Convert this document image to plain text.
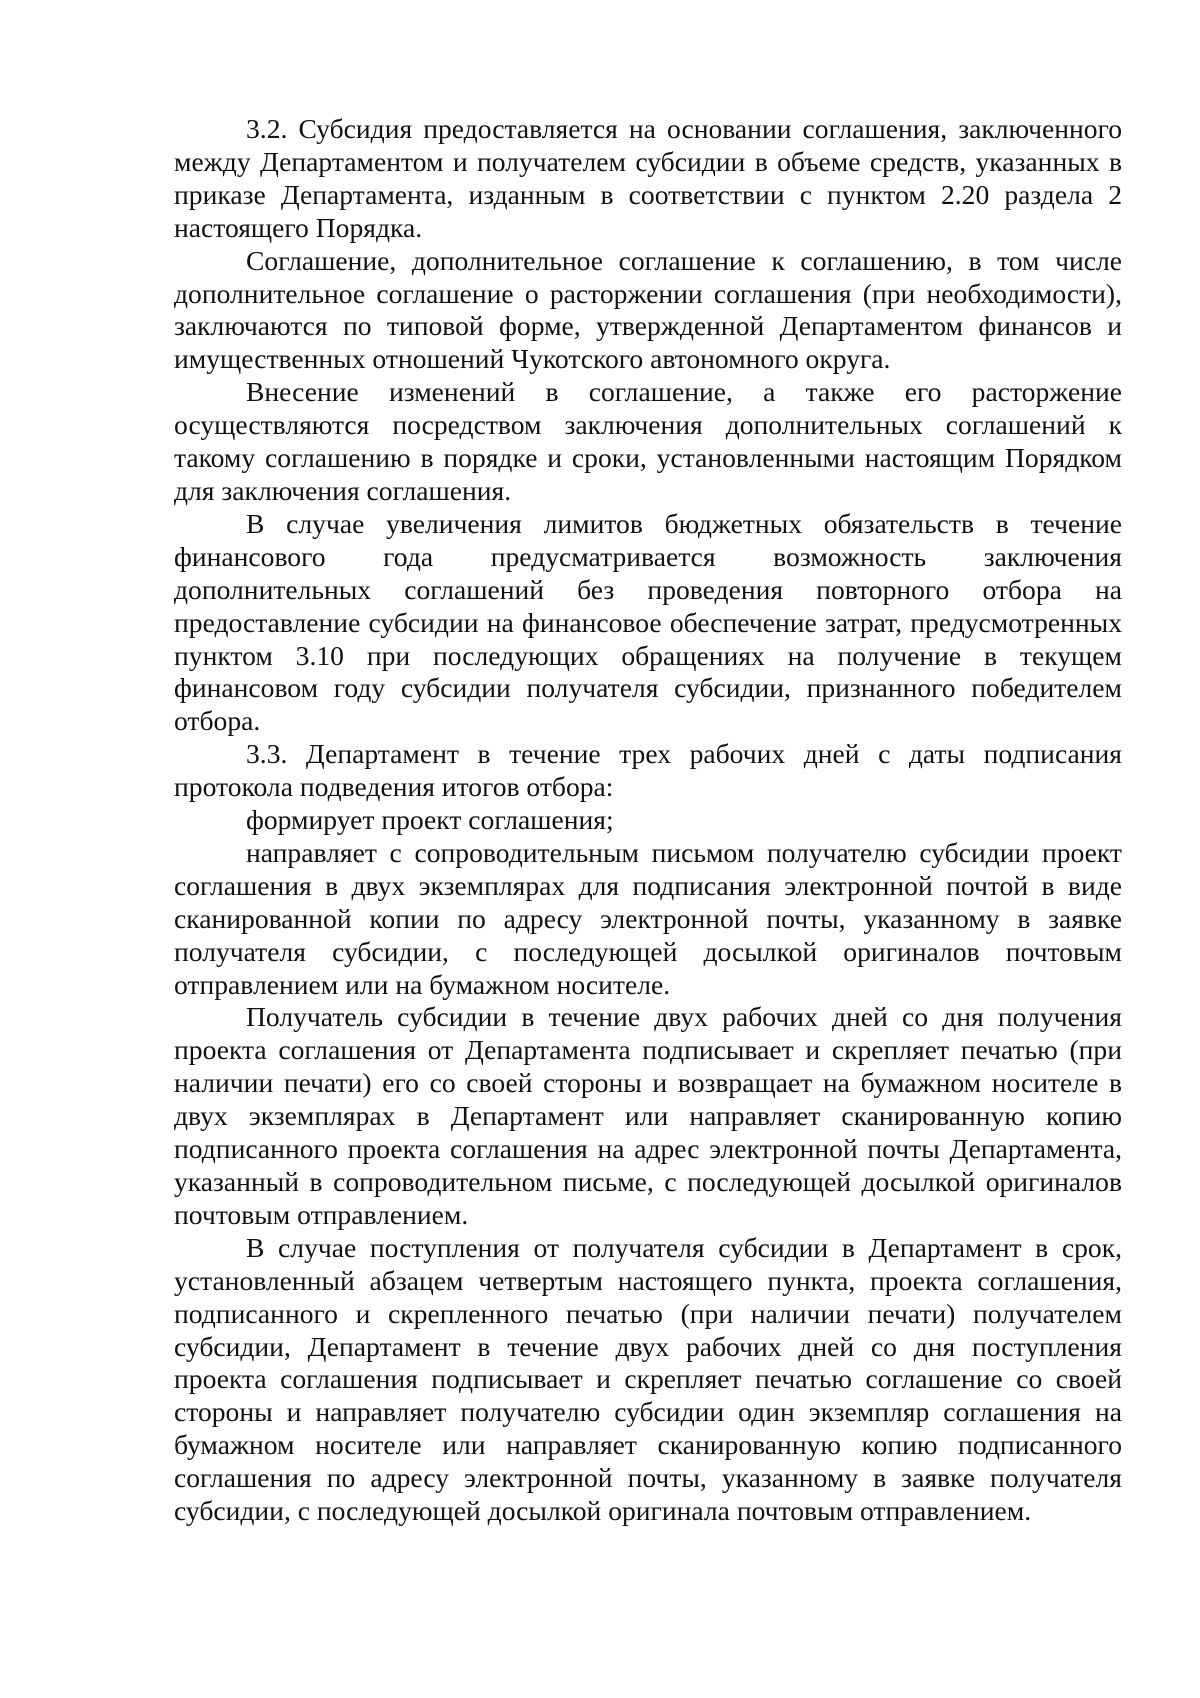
3.2. Субсидия предоставляется на основании соглашения, заключенного между Департаментом и получателем субсидии в объеме средств, указанных в приказе Департамента, изданным в соответствии с пунктом 2.20 раздела 2 настоящего Порядка.

Соглашение, дополнительное соглашение к соглашению, в том числе дополнительное соглашение о расторжении соглашения (при необходимости), заключаются по типовой форме, утвержденной Департаментом финансов и имущественных отношений Чукотского автономного округа.

Внесение изменений в соглашение, а также его расторжение осуществляются посредством заключения дополнительных соглашений к такому соглашению в порядке и сроки, установленными настоящим Порядком для заключения соглашения.

В случае увеличения лимитов бюджетных обязательств в течение финансового года предусматривается возможность заключения дополнительных соглашений без проведения повторного отбора на предоставление субсидии на финансовое обеспечение затрат, предусмотренных пунктом 3.10 при последующих обращениях на получение в текущем финансовом году субсидии получателя субсидии, признанного победителем отбора.

3.3. Департамент в течение трех рабочих дней с даты подписания протокола подведения итогов отбора:

формирует проект соглашения;

направляет с сопроводительным письмом получателю субсидии проект соглашения в двух экземплярах для подписания электронной почтой в виде сканированной копии по адресу электронной почты, указанному в заявке получателя субсидии, с последующей досылкой оригиналов почтовым отправлением или на бумажном носителе.

Получатель субсидии в течение двух рабочих дней со дня получения проекта соглашения от Департамента подписывает и скрепляет печатью (при наличии печати) его со своей стороны и возвращает на бумажном носителе в двух экземплярах в Департамент или направляет сканированную копию подписанного проекта соглашения на адрес электронной почты Департамента, указанный в сопроводительном письме, с последующей досылкой оригиналов почтовым отправлением.

В случае поступления от получателя субсидии в Департамент в срок, установленный абзацем четвертым настоящего пункта, проекта соглашения, подписанного и скрепленного печатью (при наличии печати) получателем субсидии, Департамент в течение двух рабочих дней со дня поступления проекта соглашения подписывает и скрепляет печатью соглашение со своей стороны и направляет получателю субсидии один экземпляр соглашения на бумажном носителе или направляет сканированную копию подписанного соглашения по адресу электронной почты, указанному в заявке получателя субсидии, с последующей досылкой оригинала почтовым отправлением.
